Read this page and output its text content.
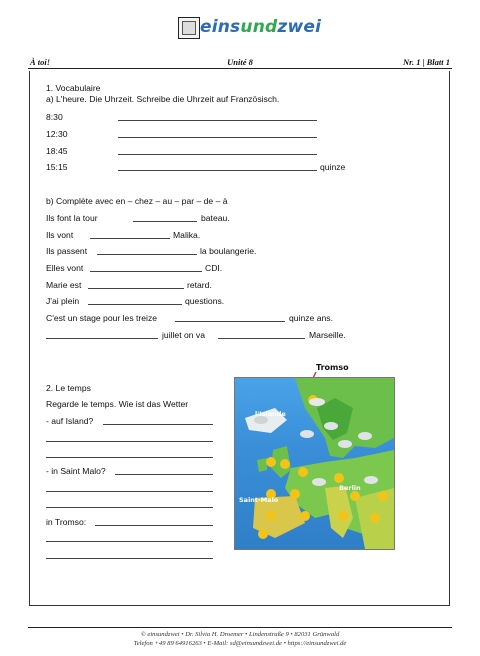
einsundzwei
À toi!	Unité 8	Nr. 1 | Blatt 1
1. Vocabulaire
a) L'heure. Die Uhrzeit. Schreibe die Uhrzeit auf Französisch.
8:30
12:30
18:45
15:15	quinze
b) Complète avec en – chez – au – par – de – à
Ils font la tour	bateau.
Ils vont	Malika.
Ils passent	la boulangerie.
Elles vont	CDI.
Marie est	retard.
J'ai plein	questions.
C'est un stage pour les treize	quinze ans.
juillet on va	Marseille.
2. Le temps
Regarde le temps. Wie ist das Wetter
- auf Island?
- in Saint Malo?
in Tromso:
Tromso
l'Islande
Berlin
Saint-Malo
© einsundzwei • Dr. Silvia H. Droemer • Lindenstraße 9 • 82031 Grünwald
Telefon +49 89 64916263 • E-Mail: sd@einsundzwei.de • https://einsundzwei.de
